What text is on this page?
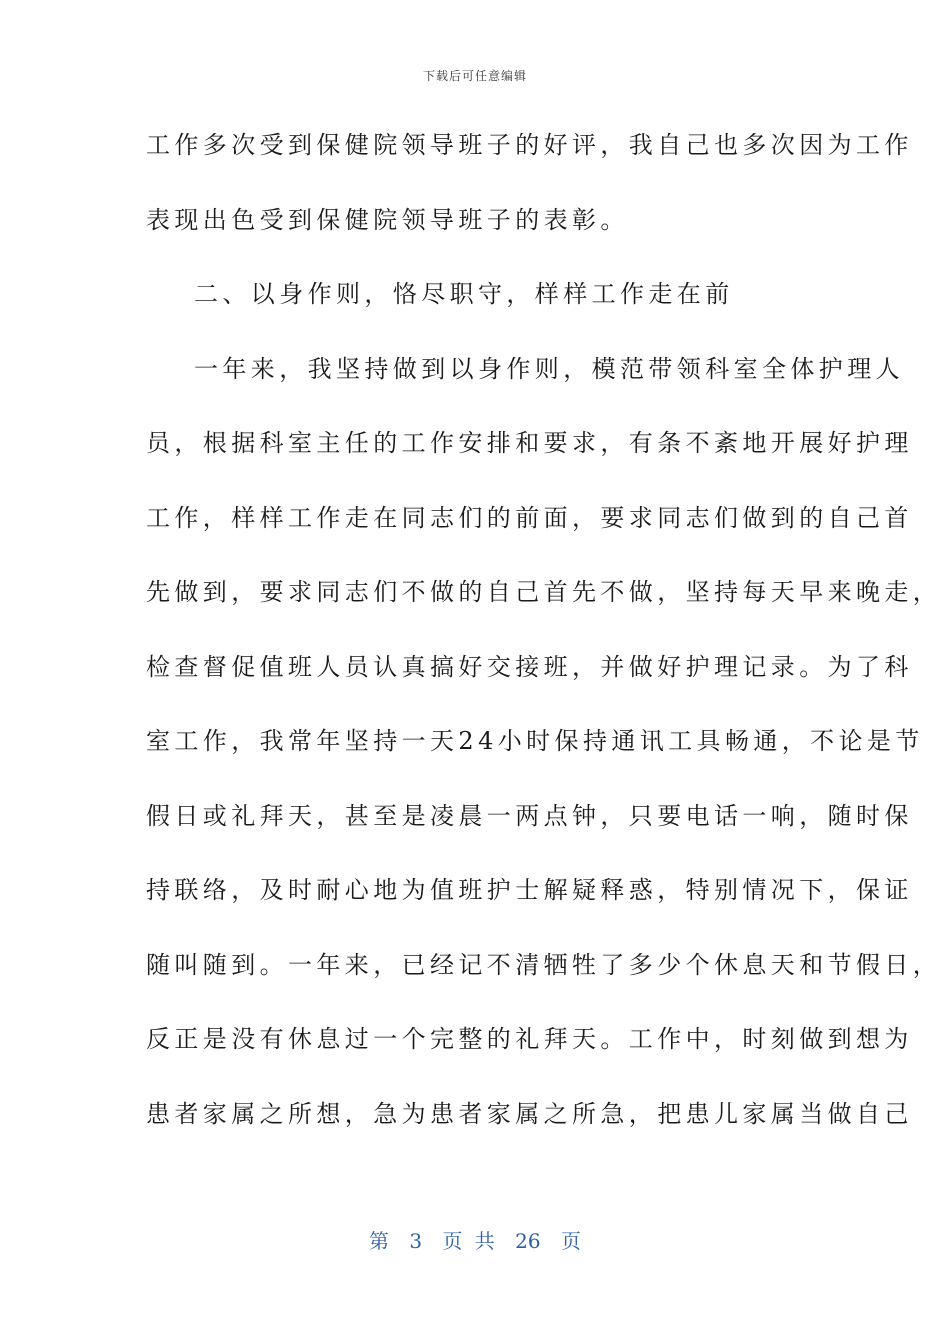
下载后可任意编辑
工作多次受到保健院领导班子的好评，我自己也多次因为工作
表现出色受到保健院领导班子的表彰。
二、以身作则，恪尽职守，样样工作走在前
一年来，我坚持做到以身作则，模范带领科室全体护理人
员，根据科室主任的工作安排和要求，有条不紊地开展好护理
工作，样样工作走在同志们的前面，要求同志们做到的自己首
先做到，要求同志们不做的自己首先不做，坚持每天早来晚走，
检查督促值班人员认真搞好交接班，并做好护理记录。为了科
室工作，我常年坚持一天24小时保持通讯工具畅通，不论是节
假日或礼拜天，甚至是凌晨一两点钟，只要电话一响，随时保
持联络，及时耐心地为值班护士解疑释惑，特别情况下，保证
随叫随到。一年来，已经记不清牺牲了多少个休息天和节假日，
反正是没有休息过一个完整的礼拜天。工作中，时刻做到想为
患者家属之所想，急为患者家属之所急，把患儿家属当做自己
第 3 页 共 26 页
